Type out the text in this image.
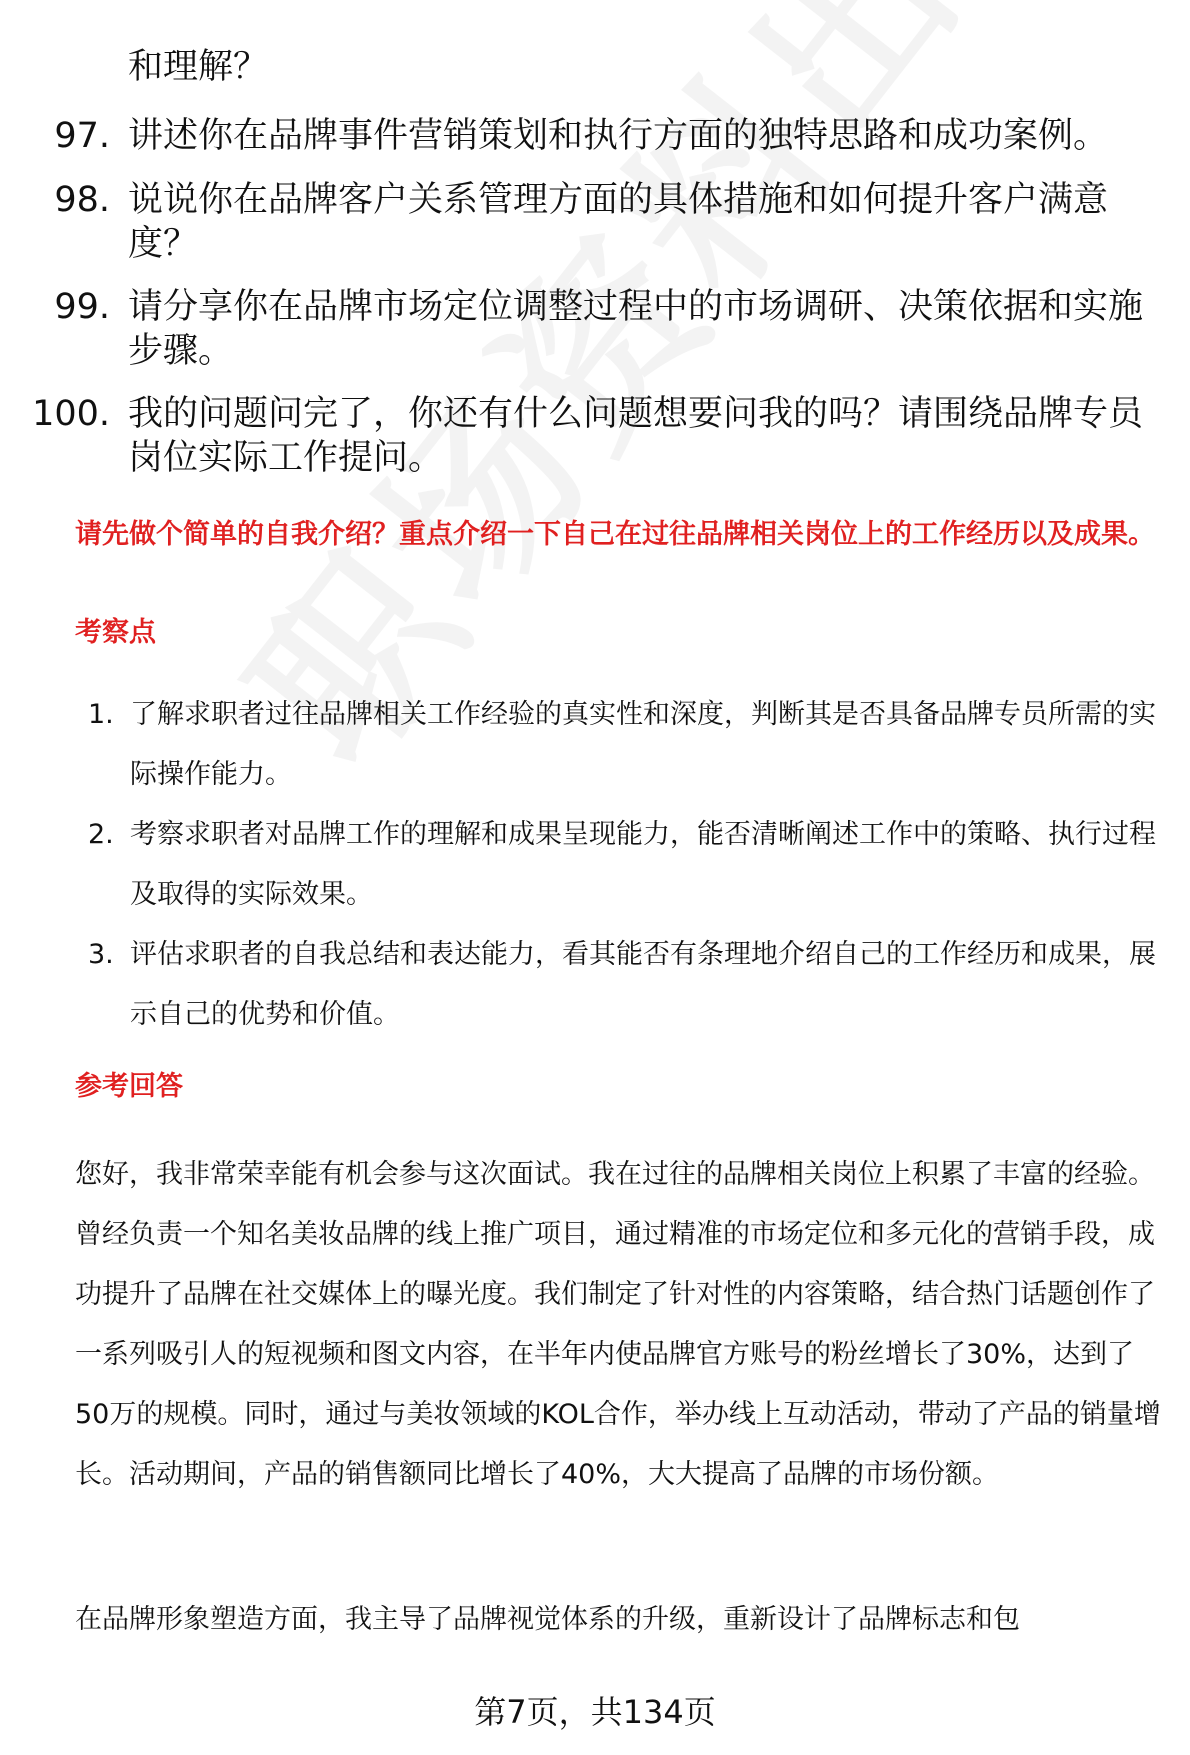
和理解？
97. 讲述你在品牌事件营销策划和执行方面的独特思路和成功案例。
98. 说说你在品牌客户关系管理方面的具体措施和如何提升客户满意度？
99. 请分享你在品牌市场定位调整过程中的市场调研、决策依据和实施步骤。
100. 我的问题问完了，你还有什么问题想要问我的吗？请围绕品牌专员岗位实际工作提问。
请先做个简单的自我介绍？重点介绍一下自己在过往品牌相关岗位上的工作经历以及成果。
考察点
1. 了解求职者过往品牌相关工作经验的真实性和深度，判断其是否具备品牌专员所需的实际操作能力。
2. 考察求职者对品牌工作的理解和成果呈现能力，能否清晰阐述工作中的策略、执行过程及取得的实际效果。
3. 评估求职者的自我总结和表达能力，看其能否有条理地介绍自己的工作经历和成果，展示自己的优势和价值。
参考回答
您好，我非常荣幸能有机会参与这次面试。我在过往的品牌相关岗位上积累了丰富的经验。曾经负责一个知名美妆品牌的线上推广项目，通过精准的市场定位和多元化的营销手段，成功提升了品牌在社交媒体上的曝光度。我们制定了针对性的内容策略，结合热门话题创作了一系列吸引人的短视频和图文内容，在半年内使品牌官方账号的粉丝增长了30%，达到了50万的规模。同时，通过与美妆领域的KOL合作，举办线上互动活动，带动了产品的销量增长。活动期间，产品的销售额同比增长了40%，大大提高了品牌的市场份额。
在品牌形象塑造方面，我主导了品牌视觉体系的升级，重新设计了品牌标志和包
第7页，共134页
